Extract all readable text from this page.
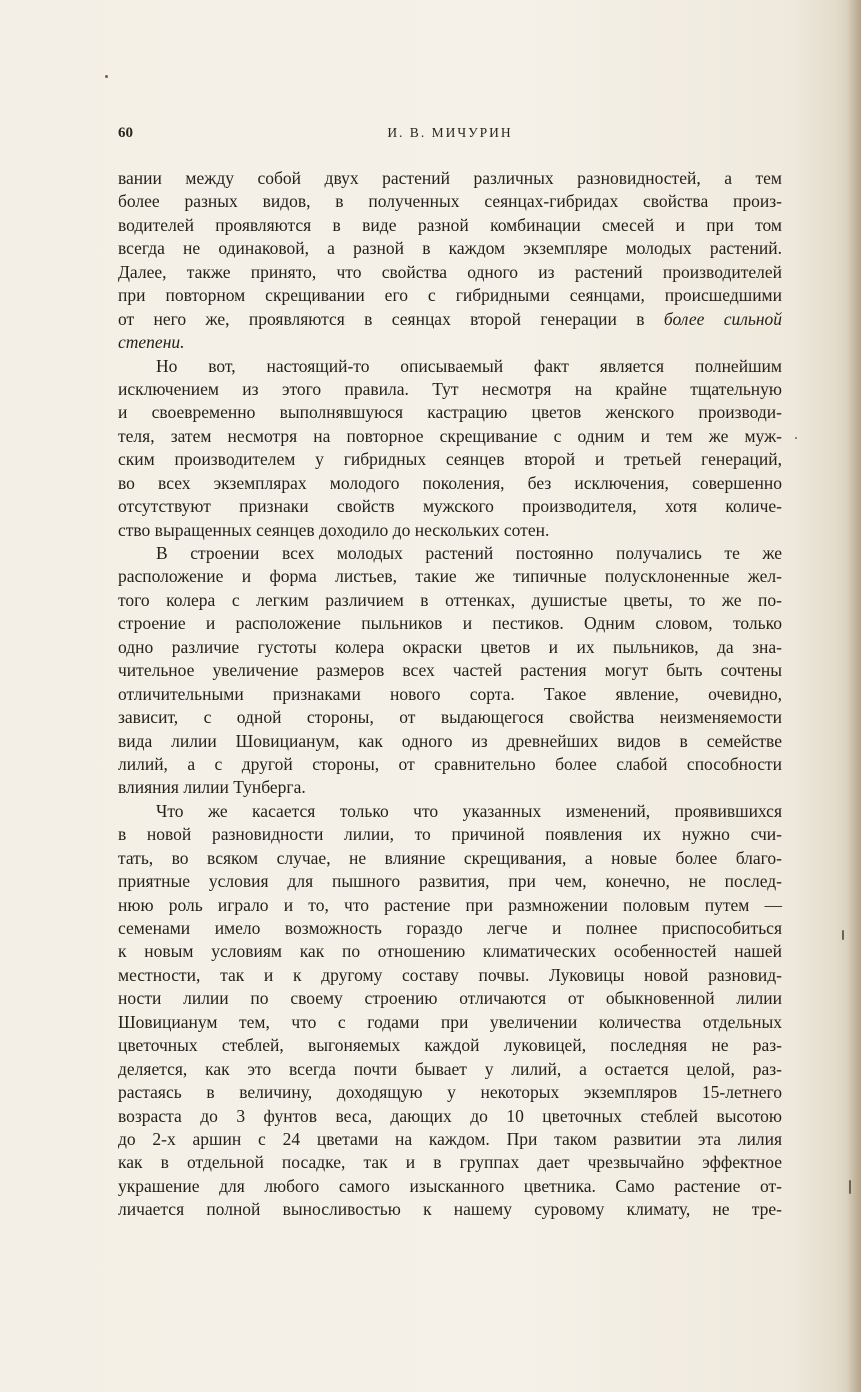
60	И. В. МИЧУРИН
вании между собой двух растений различных разновидностей, а тем
более разных видов, в полученных сеянцах-гибридах свойства произ-
водителей проявляются в виде разной комбинации смесей и при том
всегда не одинаковой, а разной в каждом экземпляре молодых растений.
Далее, также принято, что свойства одного из растений производителей
при повторном скрещивании его с гибридными сеянцами, происшедшими
от него же, проявляются в сеянцах второй генерации в более сильной
степени.
Но вот, настоящий-то описываемый факт является полнейшим
исключением из этого правила. Тут несмотря на крайне тщательную
и своевременно выполнявшуюся кастрацию цветов женского производи-
теля, затем несмотря на повторное скрещивание с одним и тем же муж-
ским производителем у гибридных сеянцев второй и третьей генераций,
во всех экземплярах молодого поколения, без исключения, совершенно
отсутствуют признаки свойств мужского производителя, хотя количе-
ство выращенных сеянцев доходило до нескольких сотен.
В строении всех молодых растений постоянно получались те же
расположение и форма листьев, такие же типичные полусклоненные жел-
того колера с легким различием в оттенках, душистые цветы, то же по-
строение и расположение пыльников и пестиков. Одним словом, только
одно различие густоты колера окраски цветов и их пыльников, да зна-
чительное увеличение размеров всех частей растения могут быть сочтены
отличительными признаками нового сорта. Такое явление, очевидно,
зависит, с одной стороны, от выдающегося свойства неизменяемости
вида лилии Шовицианум, как одного из древнейших видов в семействе
лилий, а с другой стороны, от сравнительно более слабой способности
влияния лилии Тунберга.
Что же касается только что указанных изменений, проявившихся
в новой разновидности лилии, то причиной появления их нужно счи-
тать, во всяком случае, не влияние скрещивания, а новые более благо-
приятные условия для пышного развития, при чем, конечно, не послед-
нюю роль играло и то, что растение при размножении половым путем —
семенами имело возможность гораздо легче и полнее приспособиться
к новым условиям как по отношению климатических особенностей нашей
местности, так и к другому составу почвы. Луковицы новой разновид-
ности лилии по своему строению отличаются от обыкновенной лилии
Шовицианум тем, что с годами при увеличении количества отдельных
цветочных стеблей, выгоняемых каждой луковицей, последняя не раз-
деляется, как это всегда почти бывает у лилий, а остается целой, раз-
растаясь в величину, доходящую у некоторых экземпляров 15-летнего
возраста до 3 фунтов веса, дающих до 10 цветочных стеблей высотою
до 2-х аршин с 24 цветами на каждом. При таком развитии эта лилия
как в отдельной посадке, так и в группах дает чрезвычайно эффектное
украшение для любого самого изысканного цветника. Само растение от-
личается полной выносливостью к нашему суровому климату, не тре-
